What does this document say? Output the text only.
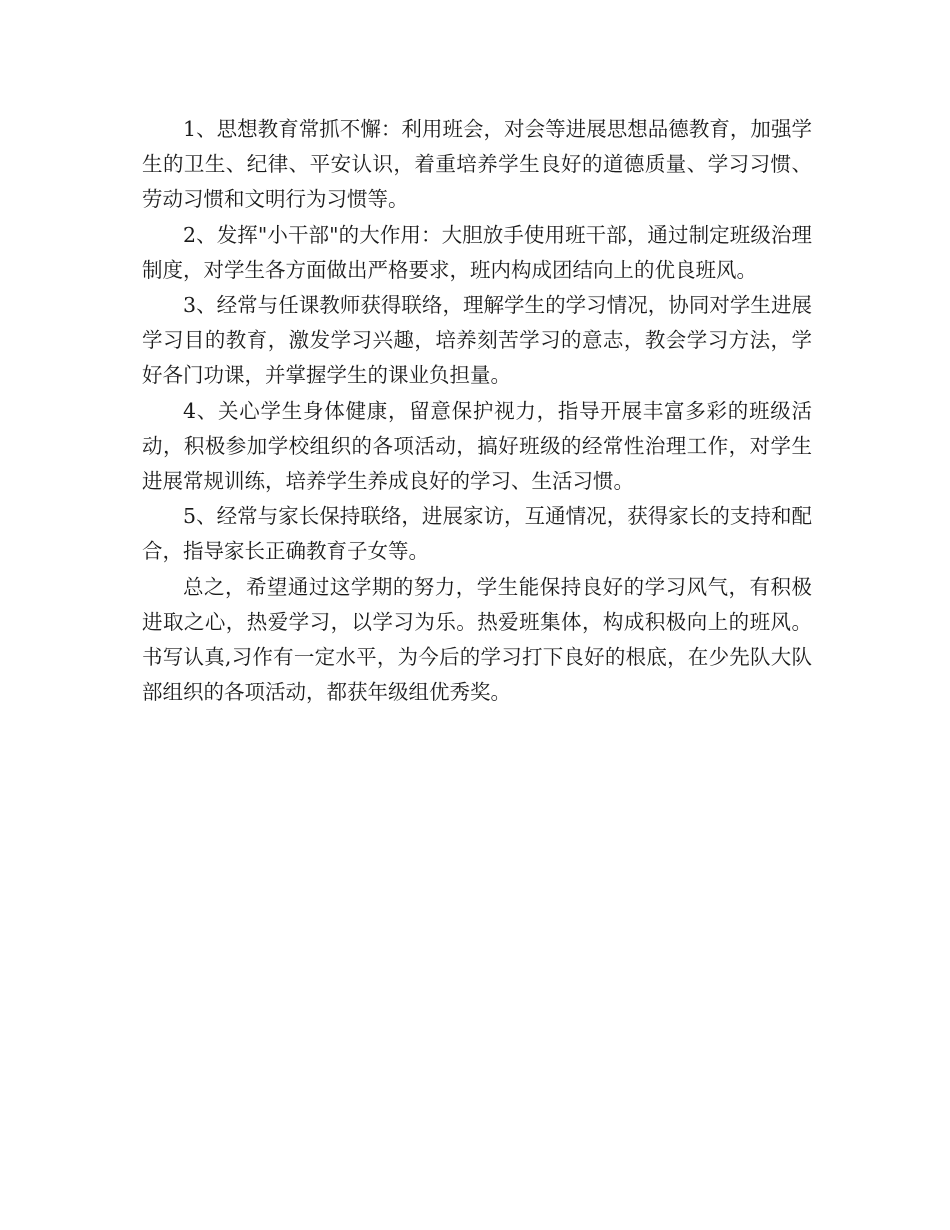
1、思想教育常抓不懈：利用班会，对会等进展思想品德教育，加强学生的卫生、纪律、平安认识，着重培养学生良好的道德质量、学习习惯、劳动习惯和文明行为习惯等。

2、发挥"小干部"的大作用：大胆放手使用班干部，通过制定班级治理制度，对学生各方面做出严格要求，班内构成团结向上的优良班风。

3、经常与任课教师获得联络，理解学生的学习情况，协同对学生进展学习目的教育，激发学习兴趣，培养刻苦学习的意志，教会学习方法，学好各门功课，并掌握学生的课业负担量。

4、关心学生身体健康，留意保护视力，指导开展丰富多彩的班级活动，积极参加学校组织的各项活动，搞好班级的经常性治理工作，对学生进展常规训练，培养学生养成良好的学习、生活习惯。

5、经常与家长保持联络，进展家访，互通情况，获得家长的支持和配合，指导家长正确教育子女等。

总之，希望通过这学期的努力，学生能保持良好的学习风气，有积极进取之心，热爱学习，以学习为乐。热爱班集体，构成积极向上的班风。书写认真,习作有一定水平，为今后的学习打下良好的根底，在少先队大队部组织的各项活动，都获年级组优秀奖。
